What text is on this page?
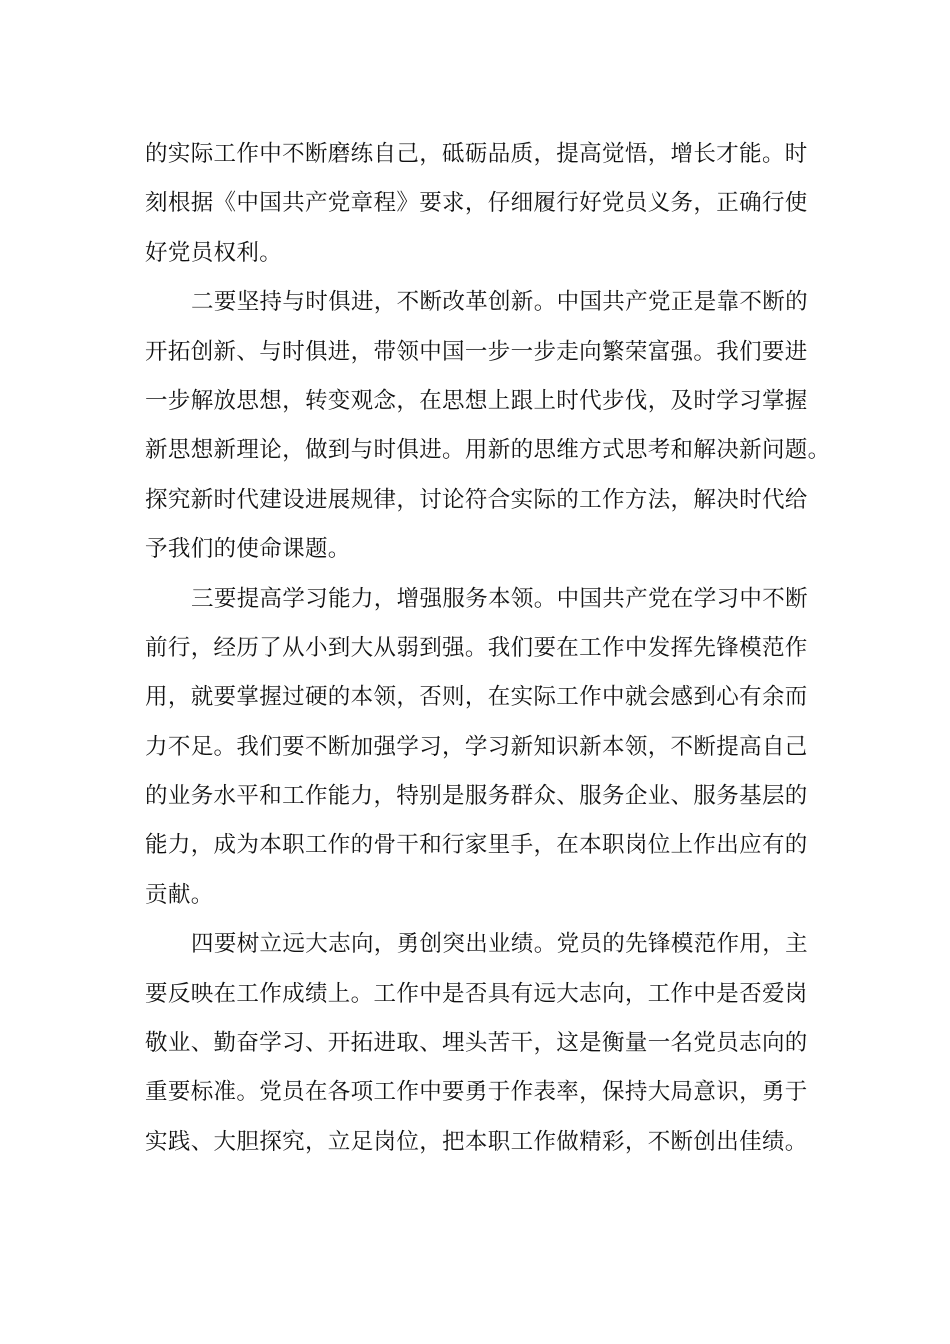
的实际工作中不断磨练自己，砥砺品质，提高觉悟，增长才能。时
刻根据《中国共产党章程》要求，仔细履行好党员义务，正确行使
好党员权利。

二要坚持与时俱进，不断改革创新。中国共产党正是靠不断的
开拓创新、与时俱进，带领中国一步一步走向繁荣富强。我们要进
一步解放思想，转变观念，在思想上跟上时代步伐，及时学习掌握
新思想新理论，做到与时俱进。用新的思维方式思考和解决新问题。
探究新时代建设进展规律，讨论符合实际的工作方法，解决时代给
予我们的使命课题。

三要提高学习能力，增强服务本领。中国共产党在学习中不断
前行，经历了从小到大从弱到强。我们要在工作中发挥先锋模范作
用，就要掌握过硬的本领，否则，在实际工作中就会感到心有余而
力不足。我们要不断加强学习，学习新知识新本领，不断提高自己
的业务水平和工作能力，特别是服务群众、服务企业、服务基层的
能力，成为本职工作的骨干和行家里手，在本职岗位上作出应有的
贡献。

四要树立远大志向，勇创突出业绩。党员的先锋模范作用，主
要反映在工作成绩上。工作中是否具有远大志向，工作中是否爱岗
敬业、勤奋学习、开拓进取、埋头苦干，这是衡量一名党员志向的
重要标准。党员在各项工作中要勇于作表率，保持大局意识，勇于
实践、大胆探究，立足岗位，把本职工作做精彩，不断创出佳绩。
